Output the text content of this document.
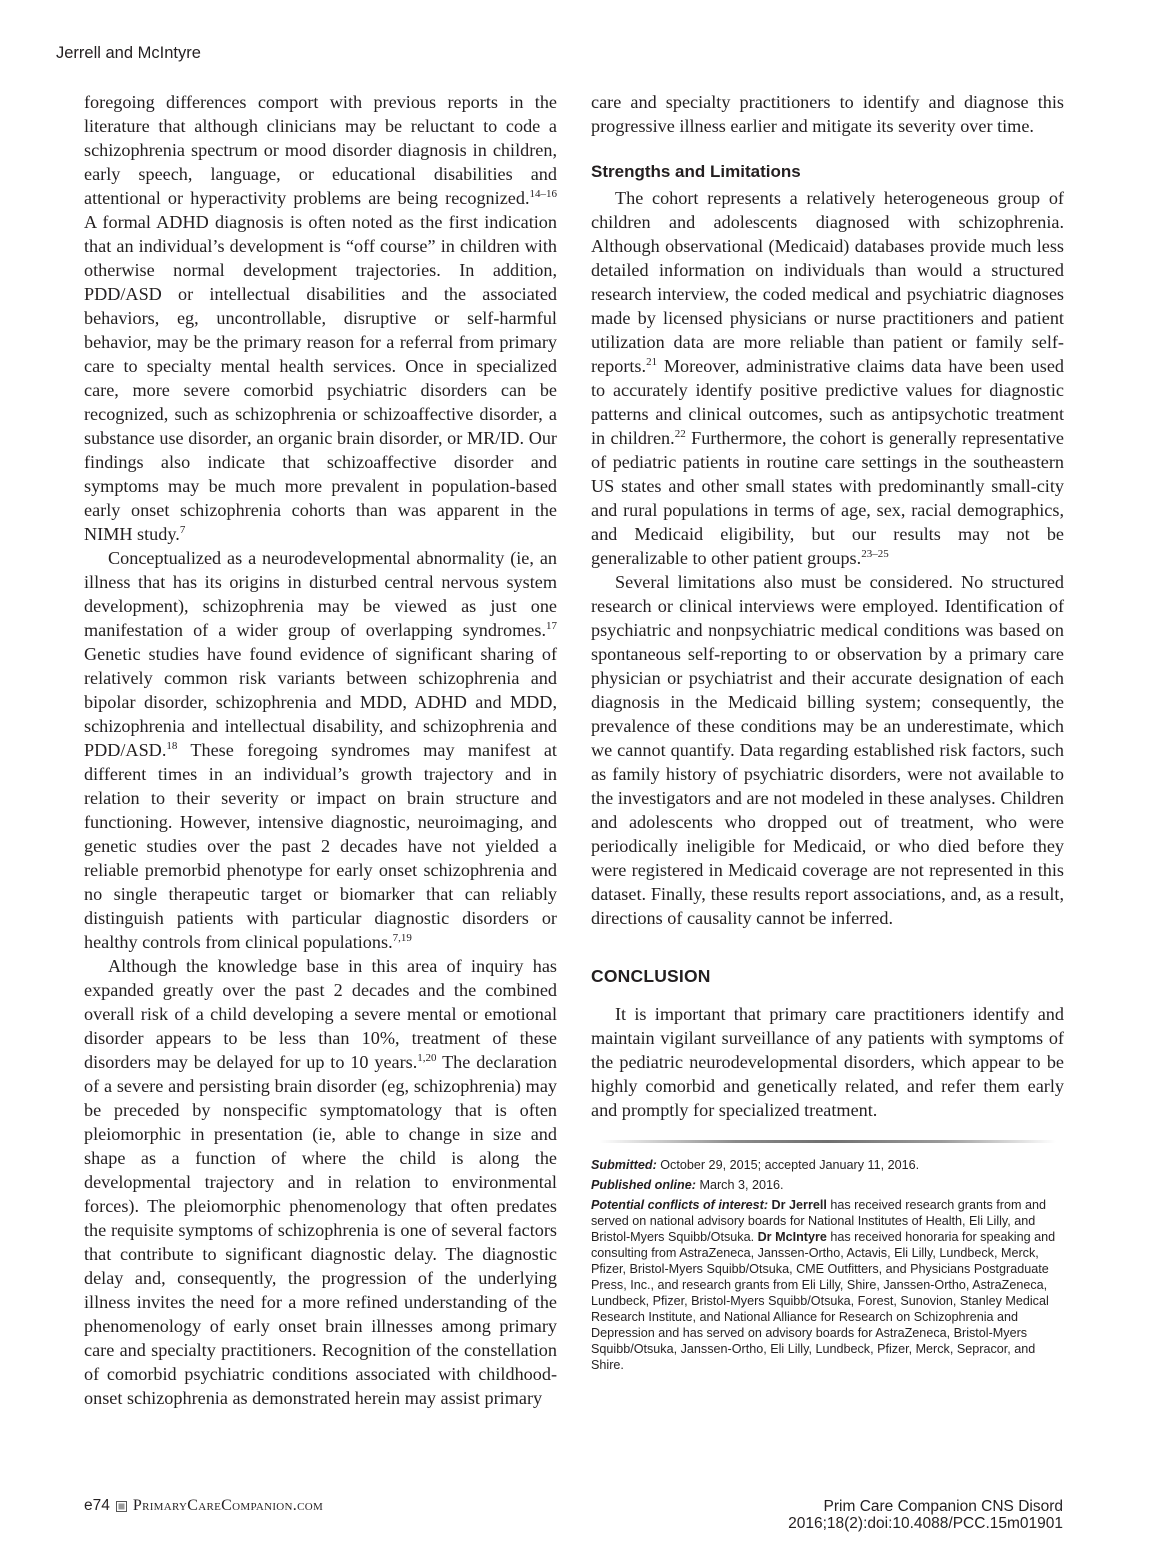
Jerrell and McIntyre

foregoing differences comport with previous reports in the literature that although clinicians may be reluctant to code a schizophrenia spectrum or mood disorder diagnosis in children, early speech, language, or educational disabilities and attentional or hyperactivity problems are being recognized.$^{14-16}$ A formal ADHD diagnosis is often noted as the first indication that an individual’s development is “off course” in children with otherwise normal development trajectories. In addition, PDD/ASD or intellectual disabilities and the associated behaviors, eg, uncontrollable, disruptive or self-harmful behavior, may be the primary reason for a referral from primary care to specialty mental health services. Once in specialized care, more severe comorbid psychiatric disorders can be recognized, such as schizophrenia or schizoaffective disorder, a substance use disorder, an organic brain disorder, or MR/ID. Our findings also indicate that schizoaffective disorder and symptoms may be much more prevalent in population-based early onset schizophrenia cohorts than was apparent in the NIMH study.$^7$

Conceptualized as a neurodevelopmental abnormality (ie, an illness that has its origins in disturbed central nervous system development), schizophrenia may be viewed as just one manifestation of a wider group of overlapping syndromes.$^{17}$ Genetic studies have found evidence of significant sharing of relatively common risk variants between schizophrenia and bipolar disorder, schizophrenia and MDD, ADHD and MDD, schizophrenia and intellectual disability, and schizophrenia and PDD/ASD.$^{18}$ These foregoing syndromes may manifest at different times in an individual’s growth trajectory and in relation to their severity or impact on brain structure and functioning. However, intensive diagnostic, neuroimaging, and genetic studies over the past 2 decades have not yielded a reliable premorbid phenotype for early onset schizophrenia and no single therapeutic target or biomarker that can reliably distinguish patients with particular diagnostic disorders or healthy controls from clinical populations.$^{7,19}$

Although the knowledge base in this area of inquiry has expanded greatly over the past 2 decades and the combined overall risk of a child developing a severe mental or emotional disorder appears to be less than 10%, treatment of these disorders may be delayed for up to 10 years.$^{1,20}$ The declaration of a severe and persisting brain disorder (eg, schizophrenia) may be preceded by nonspecific symptomatology that is often pleiomorphic in presentation (ie, able to change in size and shape as a function of where the child is along the developmental trajectory and in relation to environmental forces). The pleiomorphic phenomenology that often predates the requisite symptoms of schizophrenia is one of several factors that contribute to significant diagnostic delay. The diagnostic delay and, consequently, the progression of the underlying illness invites the need for a more refined understanding of the phenomenology of early onset brain illnesses among primary care and specialty practitioners. Recognition of the constellation of comorbid psychiatric conditions associated with childhood-onset schizophrenia as demonstrated herein may assist primary

care and specialty practitioners to identify and diagnose this progressive illness earlier and mitigate its severity over time.

Strengths and Limitations

The cohort represents a relatively heterogeneous group of children and adolescents diagnosed with schizophrenia. Although observational (Medicaid) databases provide much less detailed information on individuals than would a structured research interview, the coded medical and psychiatric diagnoses made by licensed physicians or nurse practitioners and patient utilization data are more reliable than patient or family self-reports.$^{21}$ Moreover, administrative claims data have been used to accurately identify positive predictive values for diagnostic patterns and clinical outcomes, such as antipsychotic treatment in children.$^{22}$ Furthermore, the cohort is generally representative of pediatric patients in routine care settings in the southeastern US states and other small states with predominantly small-city and rural populations in terms of age, sex, racial demographics, and Medicaid eligibility, but our results may not be generalizable to other patient groups.$^{23-25}$

Several limitations also must be considered. No structured research or clinical interviews were employed. Identification of psychiatric and nonpsychiatric medical conditions was based on spontaneous self-reporting to or observation by a primary care physician or psychiatrist and their accurate designation of each diagnosis in the Medicaid billing system; consequently, the prevalence of these conditions may be an underestimate, which we cannot quantify. Data regarding established risk factors, such as family history of psychiatric disorders, were not available to the investigators and are not modeled in these analyses. Children and adolescents who dropped out of treatment, who were periodically ineligible for Medicaid, or who died before they were registered in Medicaid coverage are not represented in this dataset. Finally, these results report associations, and, as a result, directions of causality cannot be inferred.

CONCLUSION

It is important that primary care practitioners identify and maintain vigilant surveillance of any patients with symptoms of the pediatric neurodevelopmental disorders, which appear to be highly comorbid and genetically related, and refer them early and promptly for specialized treatment.

Submitted: October 29, 2015; accepted January 11, 2016.

Published online: March 3, 2016.

Potential conflicts of interest: Dr Jerrell has received research grants from and served on national advisory boards for National Institutes of Health, Eli Lilly, and Bristol-Myers Squibb/Otsuka. Dr McIntyre has received honoraria for speaking and consulting from AstraZeneca, Janssen-Ortho, Actavis, Eli Lilly, Lundbeck, Merck, Pfizer, Bristol-Myers Squibb/Otsuka, CME Outfitters, and Physicians Postgraduate Press, Inc., and research grants from Eli Lilly, Shire, Janssen-Ortho, AstraZeneca, Lundbeck, Pfizer, Bristol-Myers Squibb/Otsuka, Forest, Sunovion, Stanley Medical Research Institute, and National Alliance for Research on Schizophrenia and Depression and has served on advisory boards for AstraZeneca, Bristol-Myers Squibb/Otsuka, Janssen-Ortho, Eli Lilly, Lundbeck, Pfizer, Merck, Sepracor, and Shire.

e74 PrimaryCareCompanion.com	Prim Care Companion CNS Disord
2016;18(2):doi:10.4088/PCC.15m01901
